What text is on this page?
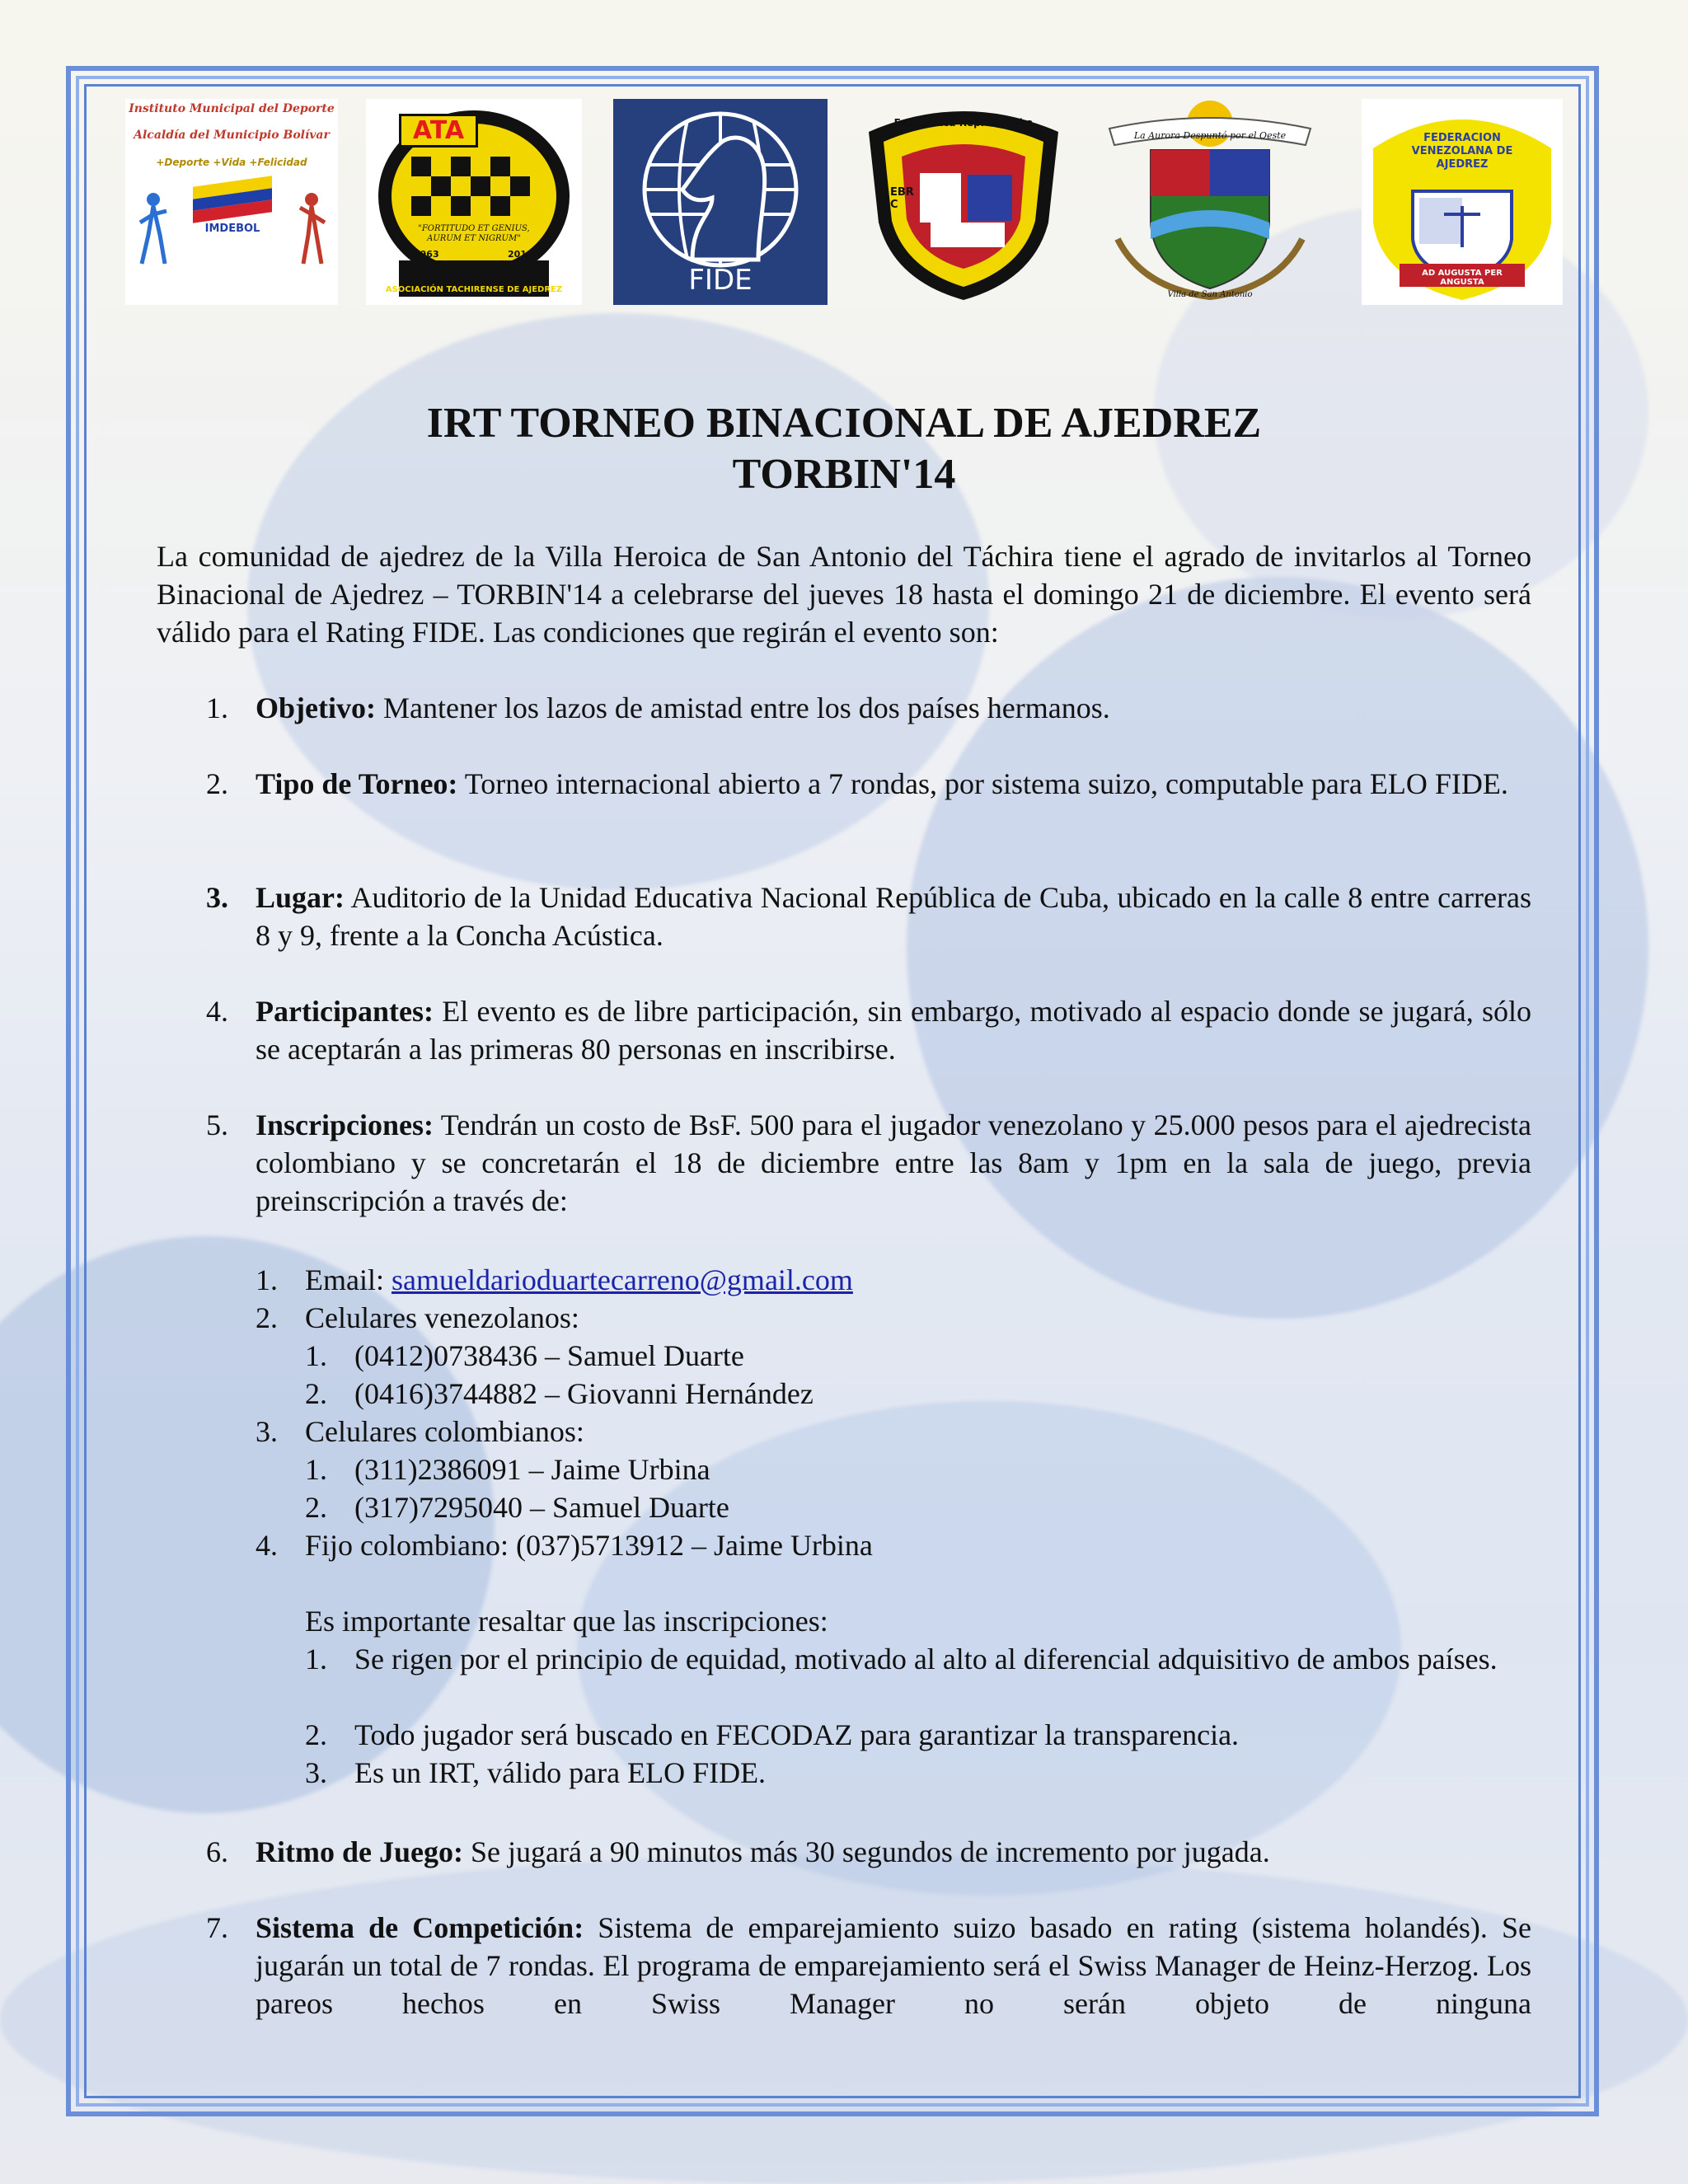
Instituto Municipal del Deporte
Alcaldía del Municipio Bolívar
+Deporte +Vida +Felicidad
IMDEBOL
ATA
"FORTITUDO ET GENIUS, AURUM ET NIGRUM"
1963	2012
ASOCIACIÓN TACHIRENSE DE AJEDREZ	FIDE
Esc. Básica Rep. de Cuba
EBRC
La Aurora Despuntó por el Oeste
Villa de San Antonio
FEDERACION VENEZOLANA DE AJEDREZ
AD AUGUSTA PER ANGUSTA
IRT TORNEO BINACIONAL DE AJEDREZ
TORBIN'14
La comunidad de ajedrez de la Villa Heroica de San Antonio del Táchira tiene el agrado de invitarlos al Torneo Binacional de Ajedrez – TORBIN'14 a celebrarse del jueves 18 hasta el domingo 21 de diciembre. El evento será válido para el Rating FIDE. Las condiciones que regirán el evento son:
1. Objetivo: Mantener los lazos de amistad entre los dos países hermanos.
2. Tipo de Torneo: Torneo internacional abierto a 7 rondas, por sistema suizo, computable para ELO FIDE.
3. Lugar: Auditorio de la Unidad Educativa Nacional República de Cuba, ubicado en la calle 8 entre carreras 8 y 9, frente a la Concha Acústica.
4. Participantes: El evento es de libre participación, sin embargo, motivado al espacio donde se jugará, sólo se aceptarán a las primeras 80 personas en inscribirse.
5. Inscripciones: Tendrán un costo de BsF. 500 para el jugador venezolano y 25.000 pesos para el ajedrecista colombiano y se concretarán el 18 de diciembre entre las 8am y 1pm en la sala de juego, previa preinscripción a través de:
1. Email: samueldarioduartecarreno@gmail.com
2. Celulares venezolanos:
1. (0412)0738436 – Samuel Duarte
2. (0416)3744882 – Giovanni Hernández
3. Celulares colombianos:
1. (311)2386091 – Jaime Urbina
2. (317)7295040 – Samuel Duarte
4. Fijo colombiano: (037)5713912 – Jaime Urbina
Es importante resaltar que las inscripciones:
1. Se rigen por el principio de equidad, motivado al alto al diferencial adquisitivo de ambos países.
2. Todo jugador será buscado en FECODAZ para garantizar la transparencia.
3. Es un IRT, válido para ELO FIDE.
6. Ritmo de Juego: Se jugará a 90 minutos más 30 segundos de incremento por jugada.
7. Sistema de Competición: Sistema de emparejamiento suizo basado en rating (sistema holandés). Se jugarán un total de 7 rondas. El programa de emparejamiento será el Swiss Manager de Heinz-Herzog. Los pareos hechos en Swiss Manager no serán objeto de ninguna
